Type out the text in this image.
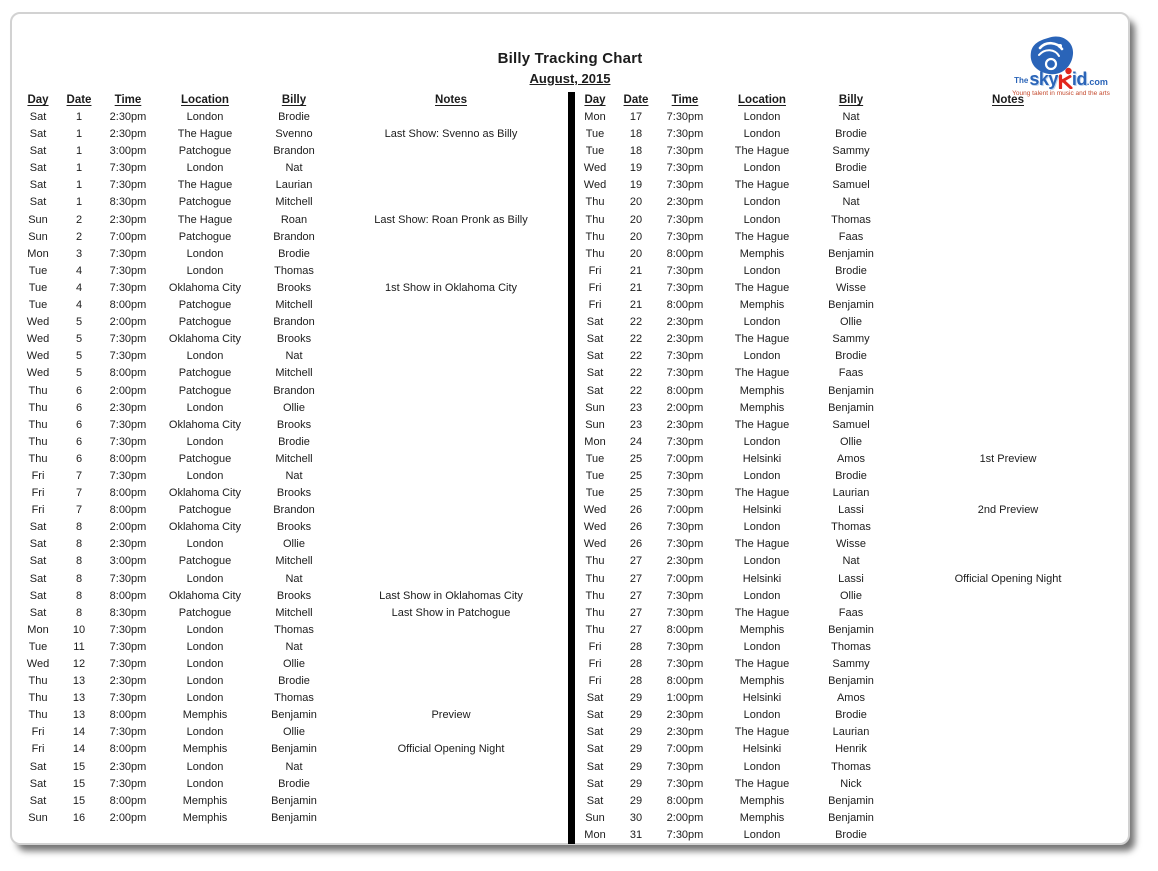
Billy Tracking Chart
August, 2015	The sky id .com
Young talent in music and the arts
Day	Date	Time	Location	Billy	Notes
Sat	1	2:30pm	London	Brodie	
Sat	1	2:30pm	The Hague	Svenno	Last Show: Svenno as Billy
Sat	1	3:00pm	Patchogue	Brandon	
Sat	1	7:30pm	London	Nat	
Sat	1	7:30pm	The Hague	Laurian	
Sat	1	8:30pm	Patchogue	Mitchell	
Sun	2	2:30pm	The Hague	Roan	Last Show: Roan Pronk as Billy
Sun	2	7:00pm	Patchogue	Brandon	
Mon	3	7:30pm	London	Brodie	
Tue	4	7:30pm	London	Thomas	
Tue	4	7:30pm	Oklahoma City	Brooks	1st Show in Oklahoma City
Tue	4	8:00pm	Patchogue	Mitchell	
Wed	5	2:00pm	Patchogue	Brandon	
Wed	5	7:30pm	Oklahoma City	Brooks	
Wed	5	7:30pm	London	Nat	
Wed	5	8:00pm	Patchogue	Mitchell	
Thu	6	2:00pm	Patchogue	Brandon	
Thu	6	2:30pm	London	Ollie	
Thu	6	7:30pm	Oklahoma City	Brooks	
Thu	6	7:30pm	London	Brodie	
Thu	6	8:00pm	Patchogue	Mitchell	
Fri	7	7:30pm	London	Nat	
Fri	7	8:00pm	Oklahoma City	Brooks	
Fri	7	8:00pm	Patchogue	Brandon	
Sat	8	2:00pm	Oklahoma City	Brooks	
Sat	8	2:30pm	London	Ollie	
Sat	8	3:00pm	Patchogue	Mitchell	
Sat	8	7:30pm	London	Nat	
Sat	8	8:00pm	Oklahoma City	Brooks	Last Show in Oklahomas City
Sat	8	8:30pm	Patchogue	Mitchell	Last Show in Patchogue
Mon	10	7:30pm	London	Thomas	
Tue	11	7:30pm	London	Nat	
Wed	12	7:30pm	London	Ollie	
Thu	13	2:30pm	London	Brodie	
Thu	13	7:30pm	London	Thomas	
Thu	13	8:00pm	Memphis	Benjamin	Preview
Fri	14	7:30pm	London	Ollie	
Fri	14	8:00pm	Memphis	Benjamin	Official Opening Night
Sat	15	2:30pm	London	Nat	
Sat	15	7:30pm	London	Brodie	
Sat	15	8:00pm	Memphis	Benjamin	
Sun	16	2:00pm	Memphis	Benjamin	
Day	Date	Time	Location	Billy	Notes
Mon	17	7:30pm	London	Nat	
Tue	18	7:30pm	London	Brodie	
Tue	18	7:30pm	The Hague	Sammy	
Wed	19	7:30pm	London	Brodie	
Wed	19	7:30pm	The Hague	Samuel	
Thu	20	2:30pm	London	Nat	
Thu	20	7:30pm	London	Thomas	
Thu	20	7:30pm	The Hague	Faas	
Thu	20	8:00pm	Memphis	Benjamin	
Fri	21	7:30pm	London	Brodie	
Fri	21	7:30pm	The Hague	Wisse	
Fri	21	8:00pm	Memphis	Benjamin	
Sat	22	2:30pm	London	Ollie	
Sat	22	2:30pm	The Hague	Sammy	
Sat	22	7:30pm	London	Brodie	
Sat	22	7:30pm	The Hague	Faas	
Sat	22	8:00pm	Memphis	Benjamin	
Sun	23	2:00pm	Memphis	Benjamin	
Sun	23	2:30pm	The Hague	Samuel	
Mon	24	7:30pm	London	Ollie	
Tue	25	7:00pm	Helsinki	Amos	1st Preview
Tue	25	7:30pm	London	Brodie	
Tue	25	7:30pm	The Hague	Laurian	
Wed	26	7:00pm	Helsinki	Lassi	2nd Preview
Wed	26	7:30pm	London	Thomas	
Wed	26	7:30pm	The Hague	Wisse	
Thu	27	2:30pm	London	Nat	
Thu	27	7:00pm	Helsinki	Lassi	Official Opening Night
Thu	27	7:30pm	London	Ollie	
Thu	27	7:30pm	The Hague	Faas	
Thu	27	8:00pm	Memphis	Benjamin	
Fri	28	7:30pm	London	Thomas	
Fri	28	7:30pm	The Hague	Sammy	
Fri	28	8:00pm	Memphis	Benjamin	
Sat	29	1:00pm	Helsinki	Amos	
Sat	29	2:30pm	London	Brodie	
Sat	29	2:30pm	The Hague	Laurian	
Sat	29	7:00pm	Helsinki	Henrik	
Sat	29	7:30pm	London	Thomas	
Sat	29	7:30pm	The Hague	Nick	
Sat	29	8:00pm	Memphis	Benjamin	
Sun	30	2:00pm	Memphis	Benjamin	
Mon	31	7:30pm	London	Brodie	
